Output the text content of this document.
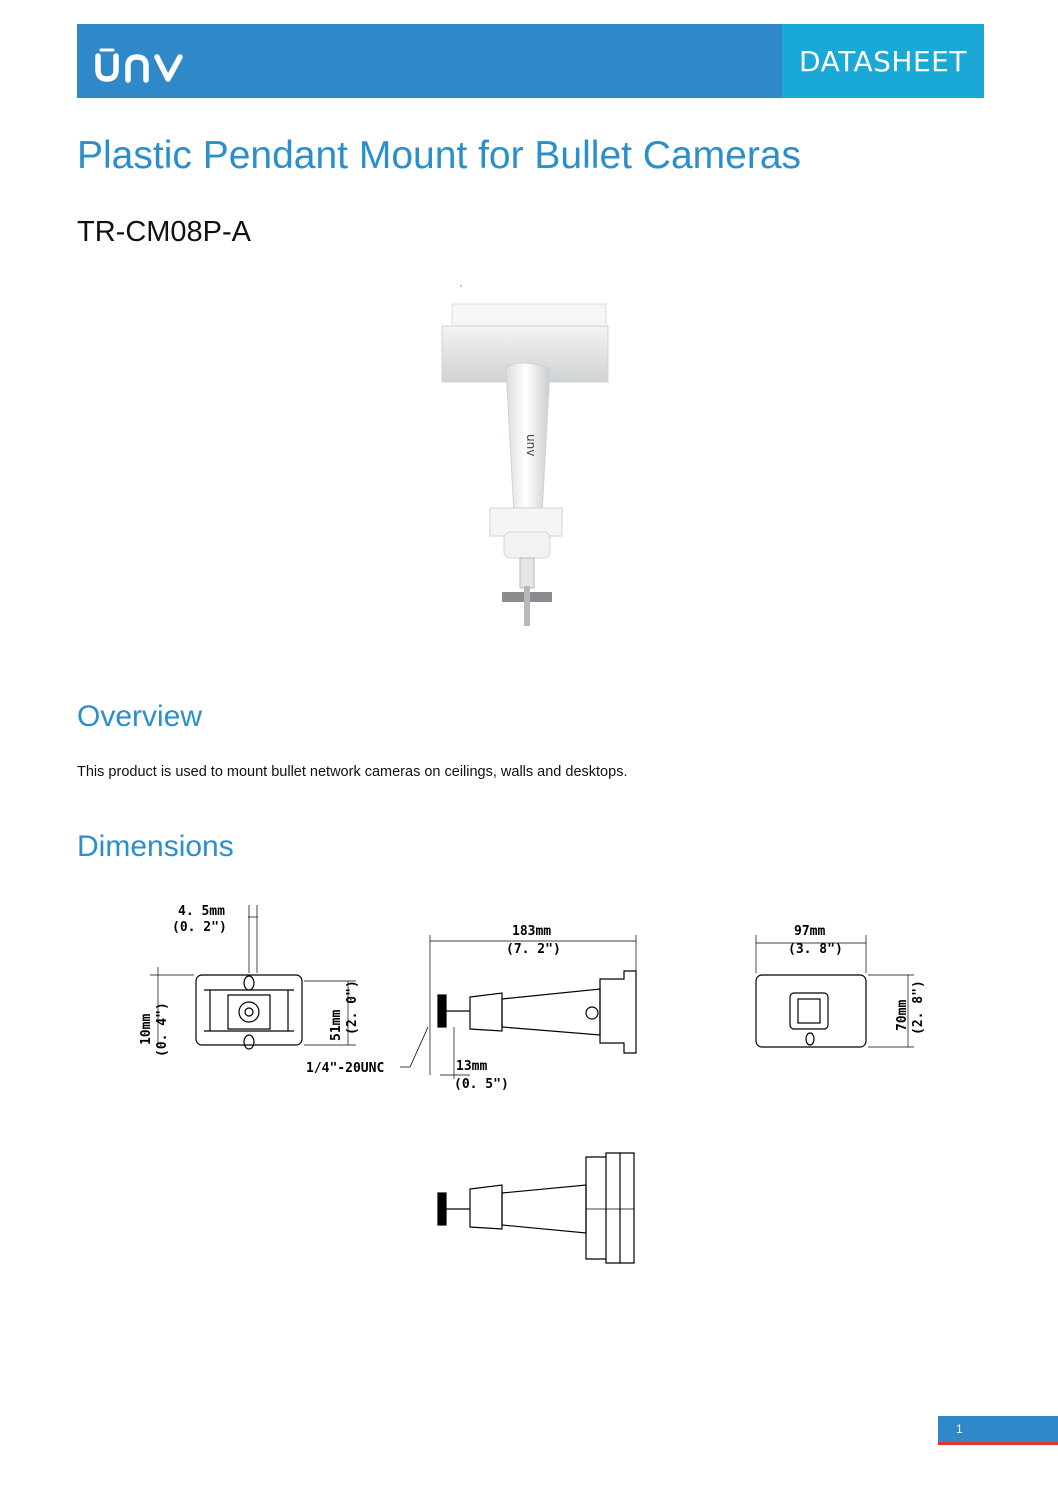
DATASHEET
Plastic Pendant Mount for Bullet Cameras
TR-CM08P-A
unv
Overview

This product is used to mount bullet network cameras on ceilings, walls and desktops.

Dimensions
4. 5mm
(0. 2")
10mm (0. 4")	51mm (2. 0")
183mm
(7. 2")
1/4"-20UNC	13mm
(0. 5")
97mm
(3. 8")
70mm (2. 8")
1
